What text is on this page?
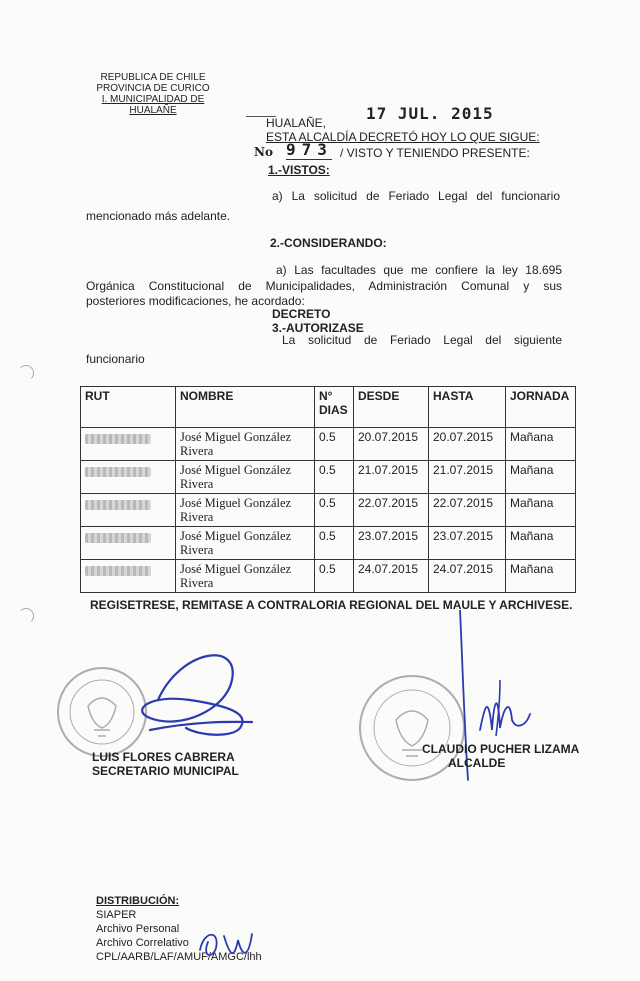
REPUBLICA DE CHILE
PROVINCIA DE CURICO
I. MUNICIPALIDAD DE HUALAÑE
HUALAÑE, 17 JUL. 2015
ESTA ALCALDÍA DECRETÓ HOY LO QUE SIGUE:
No 973 / VISTO Y TENIENDO PRESENTE:
1.-VISTOS:
a) La solicitud de Feriado Legal del funcionario
mencionado más adelante.
2.-CONSIDERANDO:
a) Las facultades que me confiere la ley 18.695
Orgánica Constitucional de Municipalidades, Administración Comunal y sus
posteriores modificaciones, he acordado:
DECRETO
3.-AUTORIZASE
La solicitud de Feriado Legal del siguiente
funcionario
RUT	NOMBRE	N° DIAS	DESDE	HASTA	JORNADA
	José Miguel González Rivera	0.5	20.07.2015	20.07.2015	Mañana
	José Miguel González Rivera	0.5	21.07.2015	21.07.2015	Mañana
	José Miguel González Rivera	0.5	22.07.2015	22.07.2015	Mañana
	José Miguel González Rivera	0.5	23.07.2015	23.07.2015	Mañana
	José Miguel González Rivera	0.5	24.07.2015	24.07.2015	Mañana
REGISETRESE, REMITASE A CONTRALORIA REGIONAL DEL MAULE Y ARCHIVESE.
LUIS FLORES CABRERA
SECRETARIO MUNICIPAL
CLAUDIO PUCHER LIZAMA
ALCALDE
DISTRIBUCIÓN:
SIAPER
Archivo Personal
Archivo Correlativo
CPL/AARB/LAF/AMUF/AMGC/lhh
